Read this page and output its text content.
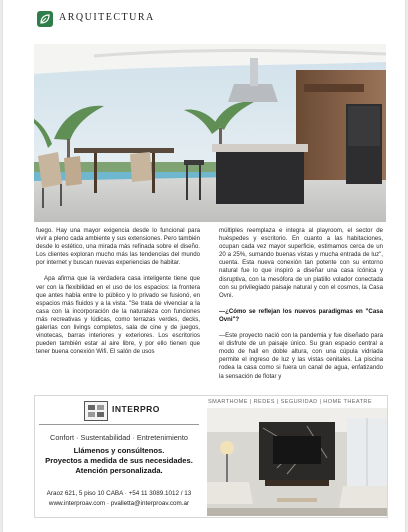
ARQUITECTURA

fuego. Hay una mayor exigencia desde lo funcional para vivir a pleno cada ambiente y sus extensiones. Pero también desde lo estético, una mirada más refinada sobre el diseño. Los clientes exploran mucho más las tendencias del mundo por internet y buscan nuevas experiencias de habitar.

Apa afirma que la verdadera casa inteligente tiene que ver con la flexibilidad en el uso de los espacios: la frontera que antes había entre lo público y lo privado se fusionó, en espacios más fluidos y a la vista. "Se trata de vivenciar a la casa con la incorporación de la naturaleza con funciones más recreativas y lúdicas, como terrazas verdes, decks, galerías con livings completos, sala de cine y de juegos, vinotecas, barras interiores y exteriores. Los escritorios pueden también estar al aire libre, y por ello tienen que tener buena conexión Wifi. El salón de usos

múltiples reemplaza e integra al playroom, el sector de huéspedes y escritorio. En cuanto a las habitaciones, ocupan cada vez mayor superficie, estimamos cerca de un 20 a 25%, sumando buenas vistas y mucha entrada de luz", cuenta. Esta nueva conexión tan potente con su entorno natural fue lo que inspiró a diseñar una casa ícónica y disruptiva, con la mesófora de un platillo volador conectada con su privilegiado paisaje natural y con el cosmos, la Casa Ovni.

—¿Cómo se reflejan los nuevos paradigmas en "Casa Ovni"?

—Este proyecto nació con la pandemia y fue diseñado para el disfrute de un paisaje único. Su gran espacio central a modo de hall en doble altura, con una cúpula vidriada permite el ingreso de luz y las vistas cenitales. La piscina rodea la casa como si fuera un canal de agua, enfatizando la sensación de flotar y

INTERPRO
Confort · Sustentabilidad · Entretenimiento
Llámenos y consúltenos.
Proyectos a medida de sus necesidades.
Atención personalizada.
Araoz 621, 5 piso 10 CABA · +54 11 3089.1012 / 13
www.interproav.com · pvalletta@interproav.com.ar
SMARTHOME | REDES | SEGURIDAD | HOME THEATRE
